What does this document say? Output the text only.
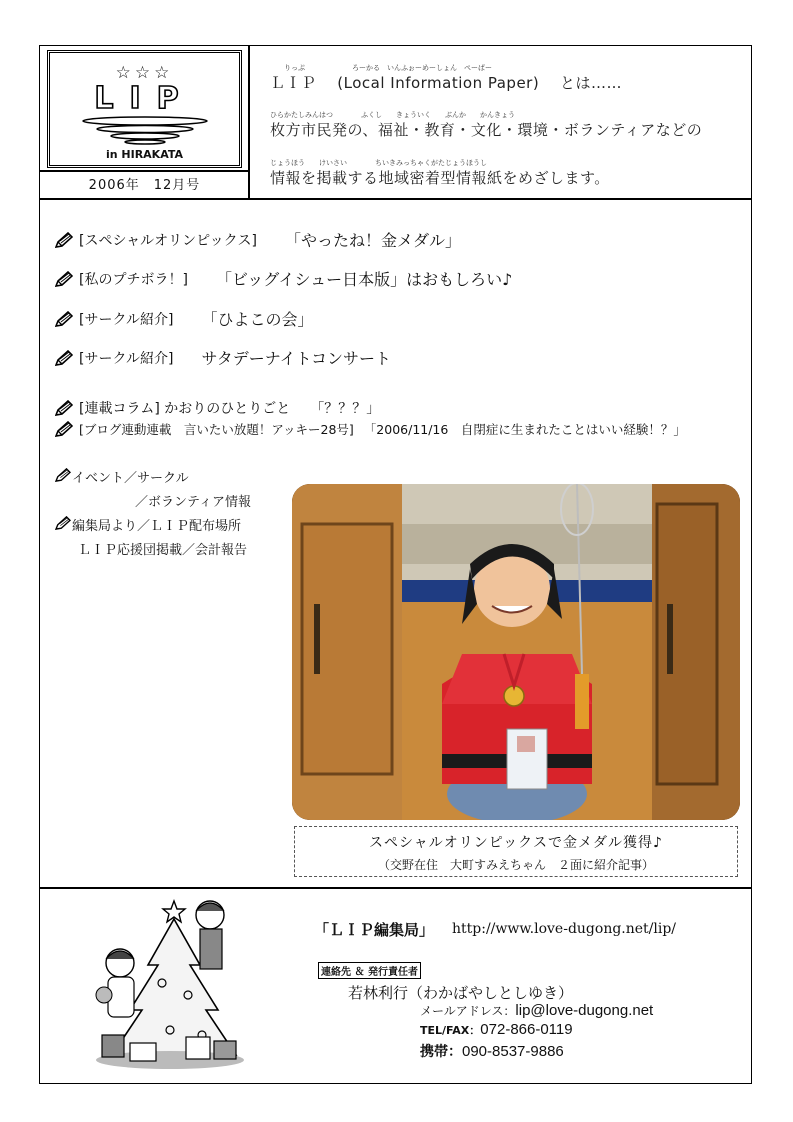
☆☆☆
LIP
in HIRAKATA
2006年　12月号
りっぷ	ろーかる　いんふぉーめーしょん　ぺーぱー
ＬＩＰ　 (Local Information Paper)　 とは……
ひらかたしみんはつ　　　　ふくし　　きょういく　　ぶんか　　かんきょう
枚方市民発の、福祉・教育・文化・環境・ボランティアなどの
じょうほう　　けいさい　　　　ちいきみっちゃくがたじょうほうし
情報を掲載する地域密着型情報紙をめざします。
[スペシャルオリンピックス] 「やったね！金メダル」
[私のプチボラ！] 「ビッグイシュー日本版」はおもしろい♪
[サークル紹介] 「ひよこの会」
[サークル紹介] サタデーナイトコンサート
[連載コラム] かおりのひとりごと 「？？？」
[ブログ連動連載　言いたい放題！アッキー28号] 「2006/11/16　自閉症に生まれたことはいい経験！？」
イベント／サークル
／ボランティア情報
編集局より／ＬＩＰ配布場所
ＬＩＰ応援団掲載／会計報告
スペシャルオリンピックスで金メダル獲得♪
（交野在住　大町すみえちゃん　２面に紹介記事）
「ＬＩＰ編集局」 http://www.love-dugong.net/lip/
連絡先 ＆ 発行責任者
若林利行（わかばやしとしゆき）
メールアドレス：lip@love-dugong.net
TEL/FAX：072-866-0119
携帯：090-8537-9886
